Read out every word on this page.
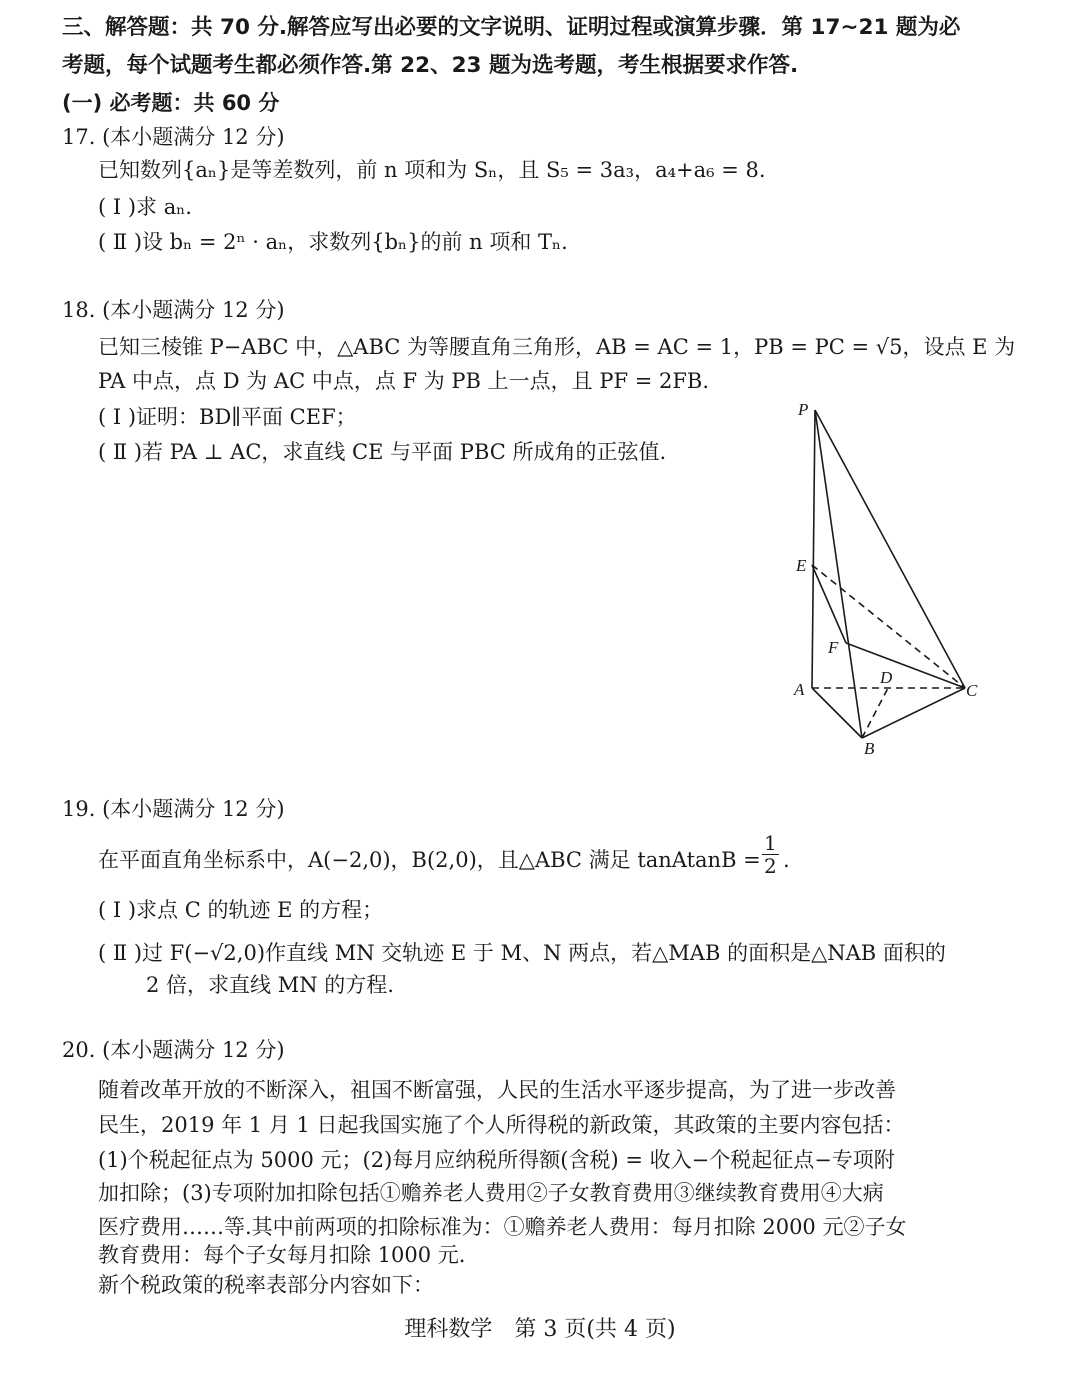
三、解答题：共 70 分.解答应写出必要的文字说明、证明过程或演算步骤．第 17~21 题为必
考题，每个试题考生都必须作答.第 22、23 题为选考题，考生根据要求作答.
(一) 必考题：共 60 分
17. (本小题满分 12 分)
已知数列{aₙ}是等差数列，前 n 项和为 Sₙ，且 S₅ = 3a₃，a₄+a₆ = 8.
( Ⅰ )求 aₙ.
( Ⅱ )设 bₙ = 2ⁿ · aₙ，求数列{bₙ}的前 n 项和 Tₙ.
18. (本小题满分 12 分)
已知三棱锥 P−ABC 中，△ABC 为等腰直角三角形，AB = AC = 1，PB = PC = √5，设点 E 为
PA 中点，点 D 为 AC 中点，点 F 为 PB 上一点，且 PF = 2FB.
( Ⅰ )证明：BD∥平面 CEF；
( Ⅱ )若 PA ⊥ AC，求直线 CE 与平面 PBC 所成角的正弦值.
P
E
F
A
D
C
B
19. (本小题满分 12 分)
在平面直角坐标系中，A(−2,0)，B(2,0)，且△ABC 满足 tanAtanB = $\frac{1}{2}$ .
( Ⅰ )求点 C 的轨迹 E 的方程；
( Ⅱ )过 F(−√2,0)作直线 MN 交轨迹 E 于 M、N 两点，若△MAB 的面积是△NAB 面积的
2 倍，求直线 MN 的方程.
20. (本小题满分 12 分)
随着改革开放的不断深入，祖国不断富强，人民的生活水平逐步提高，为了进一步改善
民生，2019 年 1 月 1 日起我国实施了个人所得税的新政策，其政策的主要内容包括：
(1)个税起征点为 5000 元；(2)每月应纳税所得额(含税) = 收入−个税起征点−专项附
加扣除；(3)专项附加扣除包括①赡养老人费用②子女教育费用③继续教育费用④大病
医疗费用……等.其中前两项的扣除标准为：①赡养老人费用：每月扣除 2000 元②子女
教育费用：每个子女每月扣除 1000 元.
新个税政策的税率表部分内容如下：
理科数学　第 3 页(共 4 页)
